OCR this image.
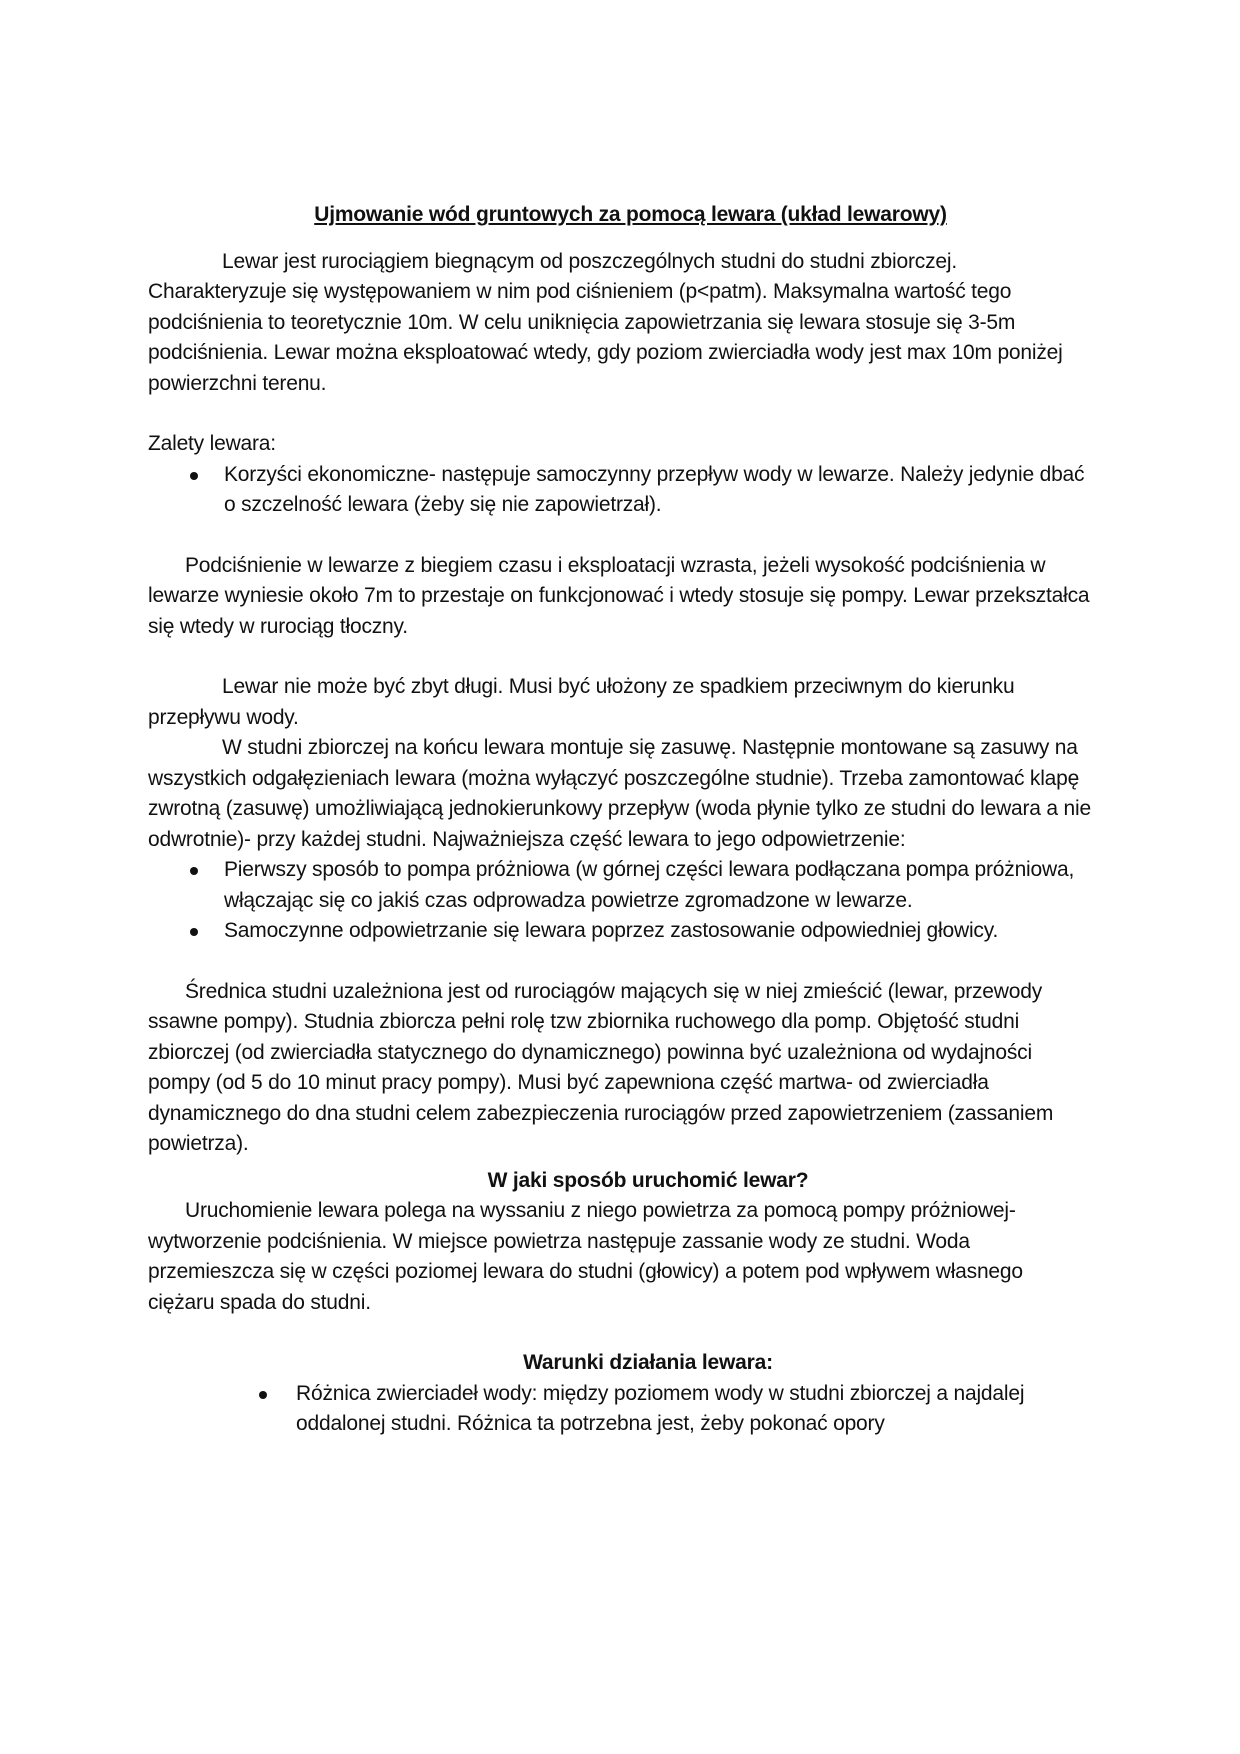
Ujmowanie wód gruntowych za pomocą lewara (układ lewarowy)

Lewar jest rurociągiem biegnącym od poszczególnych studni do studni zbiorczej. Charakteryzuje się występowaniem w nim pod ciśnieniem (p<patm). Maksymalna wartość tego podciśnienia to teoretycznie 10m. W celu uniknięcia zapowietrzania się lewara stosuje się 3-5m podciśnienia. Lewar można eksploatować wtedy, gdy poziom zwierciadła wody jest max 10m poniżej powierzchni terenu.

Zalety lewara:

Korzyści ekonomiczne- następuje samoczynny przepływ wody w lewarze. Należy jedynie dbać o szczelność lewara (żeby się nie zapowietrzał).

Podciśnienie w lewarze z biegiem czasu i eksploatacji wzrasta, jeżeli wysokość podciśnienia w lewarze wyniesie około 7m to przestaje on funkcjonować i wtedy stosuje się pompy. Lewar przekształca się wtedy w rurociąg tłoczny.

Lewar nie może być zbyt długi. Musi być ułożony ze spadkiem przeciwnym do kierunku przepływu wody.

W studni zbiorczej na końcu lewara montuje się zasuwę. Następnie montowane są zasuwy na wszystkich odgałęzieniach lewara (można wyłączyć poszczególne studnie). Trzeba zamontować klapę zwrotną (zasuwę) umożliwiającą jednokierunkowy przepływ (woda płynie tylko ze studni do lewara a nie odwrotnie)- przy każdej studni. Najważniejsza część lewara to jego odpowietrzenie:

Pierwszy sposób to pompa próżniowa (w górnej części lewara podłączana pompa próżniowa, włączając się co jakiś czas odprowadza powietrze zgromadzone w lewarze.
Samoczynne odpowietrzanie się lewara poprzez zastosowanie odpowiedniej głowicy.

Średnica studni uzależniona jest od rurociągów mających się w niej zmieścić (lewar, przewody ssawne pompy). Studnia zbiorcza pełni rolę tzw zbiornika ruchowego dla pomp. Objętość studni zbiorczej (od zwierciadła statycznego do dynamicznego) powinna być uzależniona od wydajności pompy (od 5 do 10 minut pracy pompy). Musi być zapewniona część martwa- od zwierciadła dynamicznego do dna studni celem zabezpieczenia rurociągów przed zapowietrzeniem (zassaniem powietrza).

W jaki sposób uruchomić lewar?

Uruchomienie lewara polega na wyssaniu z niego powietrza za pomocą pompy próżniowej- wytworzenie podciśnienia. W miejsce powietrza następuje zassanie wody ze studni. Woda przemieszcza się w części poziomej lewara do studni (głowicy) a potem pod wpływem własnego ciężaru spada do studni.

Warunki działania lewara:

Różnica zwierciadeł wody: między poziomem wody w studni zbiorczej a najdalej oddalonej studni. Różnica ta potrzebna jest, żeby pokonać opory
